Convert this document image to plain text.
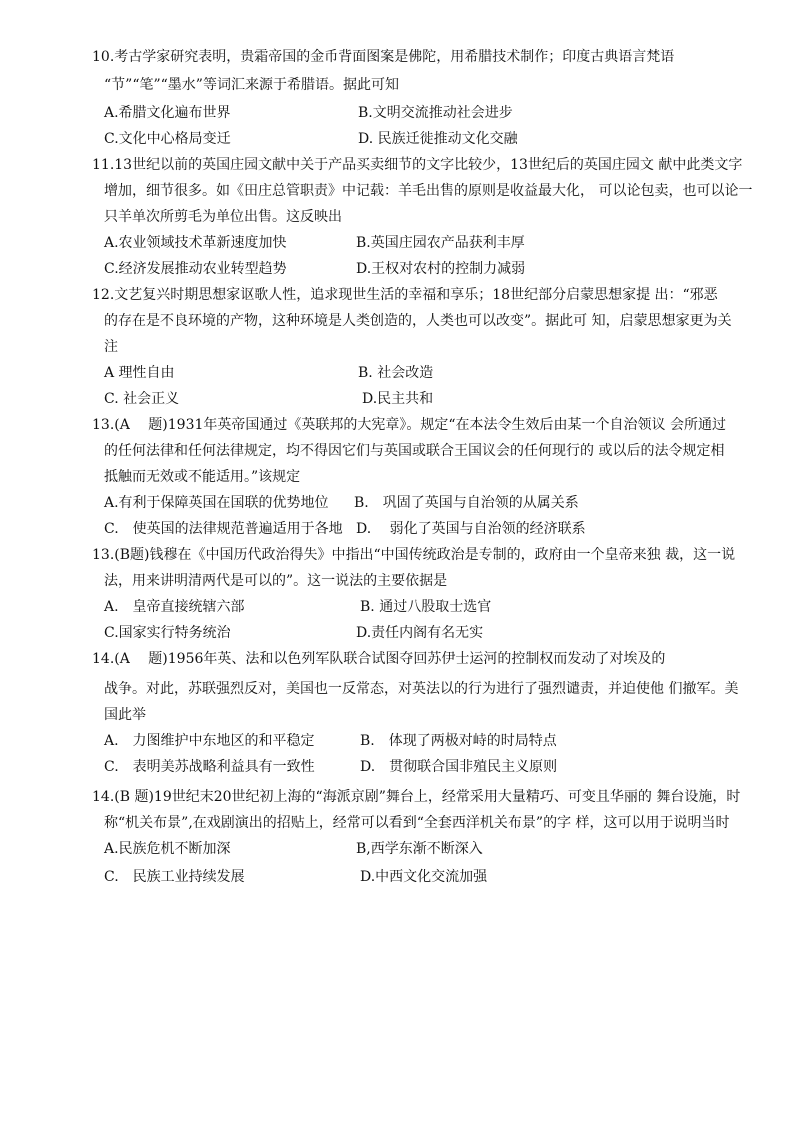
10.考古学家研究表明，贵霜帝国的金币背面图案是佛陀，用希腊技术制作；印度古典语言梵语
“节”“笔”“墨水”等词汇来源于希腊语。据此可知
A.希腊文化遍布世界	B.文明交流推动社会进步
C.文化中心格局变迁	D. 民族迁徙推动文化交融
11.13世纪以前的英国庄园文献中关于产品买卖细节的文字比较少，13世纪后的英国庄园文 献中此类文字
增加，细节很多。如《田庄总管职责》中记载：羊毛出售的原则是收益最大化， 可以论包卖，也可以论一
只羊单次所剪毛为单位出售。这反映出
A.农业领域技术革新速度加快	B.英国庄园农产品获利丰厚
C.经济发展推动农业转型趋势	D.王权对农村的控制力减弱
12.文艺复兴时期思想家讴歌人性，追求现世生活的幸福和享乐；18世纪部分启蒙思想家提 出：“邪恶
的存在是不良环境的产物，这种环境是人类创造的，人类也可以改变”。据此可 知，启蒙思想家更为关
注
A 理性自由	B. 社会改造
C. 社会正义	D.民主共和
13.(A　 题)1931年英帝国通过《英联邦的大宪章》。规定“在本法令生效后由某一个自治领议 会所通过
的任何法律和任何法律规定，均不得因它们与英国或联合王国议会的任何现行的 或以后的法令规定相
抵触而无效或不能适用。”该规定
A.有利于保障英国在国联的优势地位 B.　巩固了英国与自治领的从属关系
C.　使英国的法律规范普遍适用于各地 D.　 弱化了英国与自治领的经济联系
13.(B题)钱穆在《中国历代政治得失》中指出“中国传统政治是专制的，政府由一个皇帝来独 裁，这一说
法，用来讲明清两代是可以的”。这一说法的主要依据是
A.　皇帝直接统辖六部	B. 通过八股取士选官
C.国家实行特务统治	D.责任内阁有名无实
14.(A　 题)1956年英、法和以色列军队联合试图夺回苏伊士运河的控制权而发动了对埃及的
战争。对此，苏联强烈反对，美国也一反常态，对英法以的行为进行了强烈谴责，并迫使他 们撤军。美
国此举
A.　力图维护中东地区的和平稳定	B.　体现了两极对峙的时局特点
C.　表明美苏战略利益具有一致性	D.　贯彻联合国非殖民主义原则
14.(B 题)19世纪末20世纪初上海的“海派京剧”舞台上，经常采用大量精巧、可变且华丽的 舞台设施，时
称“机关布景”,在戏剧演出的招贴上，经常可以看到“全套西洋机关布景”的字 样，这可以用于说明当时
A.民族危机不断加深	B,西学东渐不断深入
C.　民族工业持续发展	D.中西文化交流加强
